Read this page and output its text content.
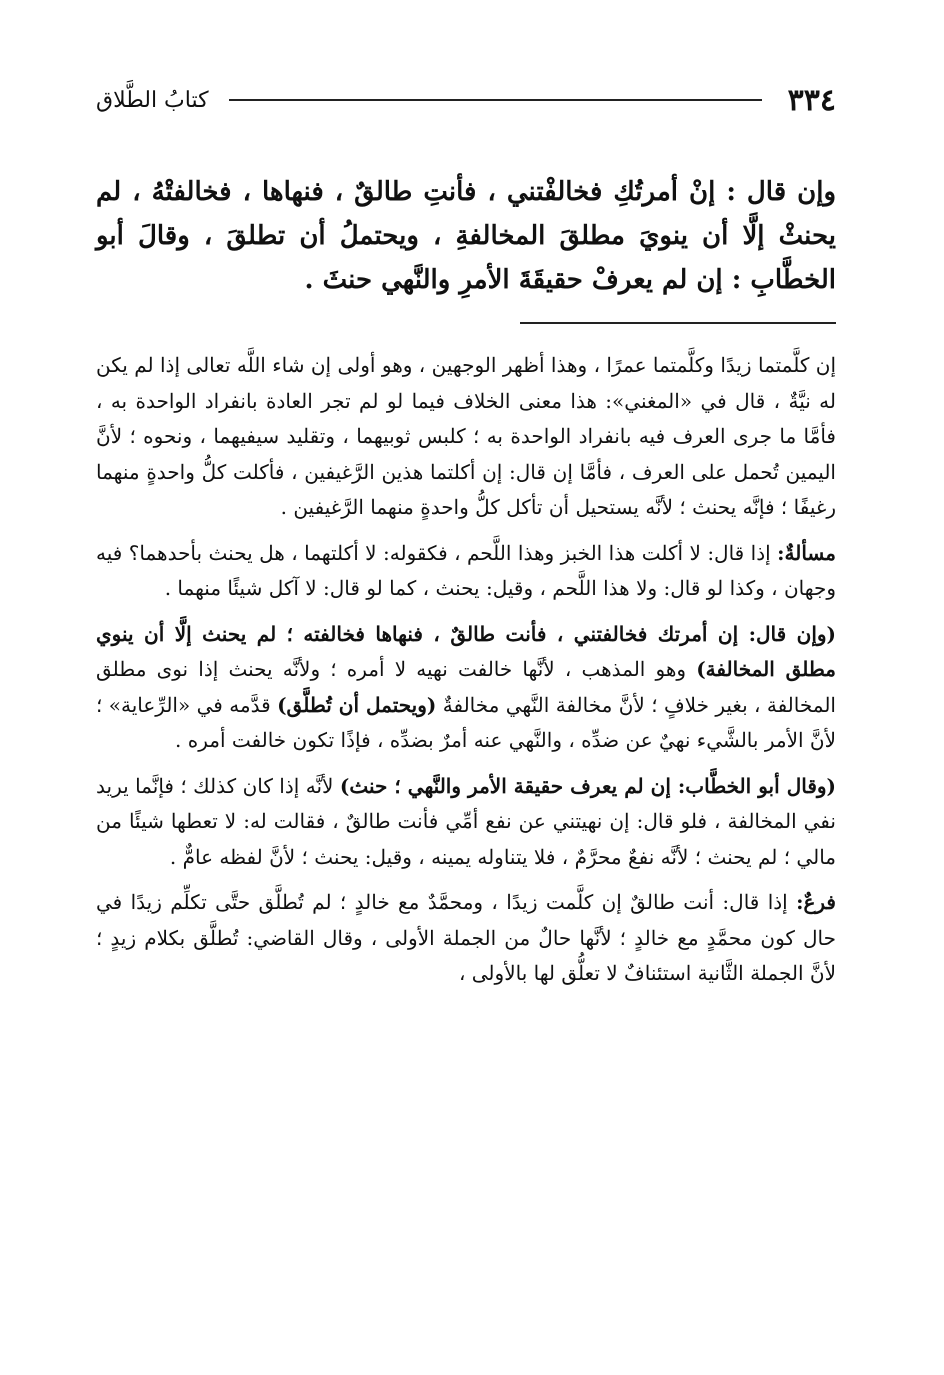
٣٣٤
كتابُ الطَّلاق
وإن قال : إنْ أمرتُكِ فخالفْتني ، فأنتِ طالقٌ ، فنهاها ، فخالفتْهُ ، لم يحنثْ إلَّا أن ينويَ مطلقَ المخالفةِ ، ويحتملُ أن تطلقَ ، وقالَ أبو الخطَّابِ : إن لم يعرفْ حقيقَةَ الأمرِ والنَّهي حنثَ .

إن كلَّمتما زيدًا وكلَّمتما عمرًا ، وهذا أظهر الوجهين ، وهو أولى إن شاء اللَّه تعالى إذا لم يكن له نيَّةٌ ، قال في «المغني»: هذا معنى الخلاف فيما لو لم تجر العادة بانفراد الواحدة به ، فأمَّا ما جرى العرف فيه بانفراد الواحدة به ؛ كلبس ثوبيهما ، وتقليد سيفيهما ، ونحوه ؛ لأنَّ اليمين تُحمل على العرف ، فأمَّا إن قال: إن أكلتما هذين الرَّغيفين ، فأكلت كلُّ واحدةٍ منهما رغيفًا ؛ فإنَّه يحنث ؛ لأنَّه يستحيل أن تأكل كلُّ واحدةٍ منهما الرَّغيفين .

مسألةٌ: إذا قال: لا أكلت هذا الخبز وهذا اللَّحم ، فكقوله: لا أكلتهما ، هل يحنث بأحدهما؟ فيه وجهان ، وكذا لو قال: ولا هذا اللَّحم ، وقيل: يحنث ، كما لو قال: لا آكل شيئًا منهما .

(وإن قال: إن أمرتك فخالفتني ، فأنت طالقٌ ، فنهاها فخالفته ؛ لم يحنث إلَّا أن ينوي مطلق المخالفة) وهو المذهب ، لأنَّها خالفت نهيه لا أمره ؛ ولأنَّه يحنث إذا نوى مطلق المخالفة ، بغير خلافٍ ؛ لأنَّ مخالفة النَّهي مخالفةٌ (ويحتمل أن تُطلَّق) قدَّمه في «الرِّعاية» ؛ لأنَّ الأمر بالشَّيء نهيٌ عن ضدِّه ، والنَّهي عنه أمرٌ بضدِّه ، فإذًا تكون خالفت أمره .

(وقال أبو الخطَّاب: إن لم يعرف حقيقة الأمر والنَّهي ؛ حنث) لأنَّه إذا كان كذلك ؛ فإنَّما يريد نفي المخالفة ، فلو قال: إن نهيتني عن نفع أمِّي فأنت طالقٌ ، فقالت له: لا تعطها شيئًا من مالي ؛ لم يحنث ؛ لأنَّه نفعٌ محرَّمٌ ، فلا يتناوله يمينه ، وقيل: يحنث ؛ لأنَّ لفظه عامٌّ .

فرعٌ: إذا قال: أنت طالقٌ إن كلَّمت زيدًا ، ومحمَّدٌ مع خالدٍ ؛ لم تُطلَّق حتَّى تكلِّم زيدًا في حال كون محمَّدٍ مع خالدٍ ؛ لأنَّها حالٌ من الجملة الأولى ، وقال القاضي: تُطلَّق بكلام زيدٍ ؛ لأنَّ الجملة الثَّانية استئنافٌ لا تعلُّق لها بالأولى ،
